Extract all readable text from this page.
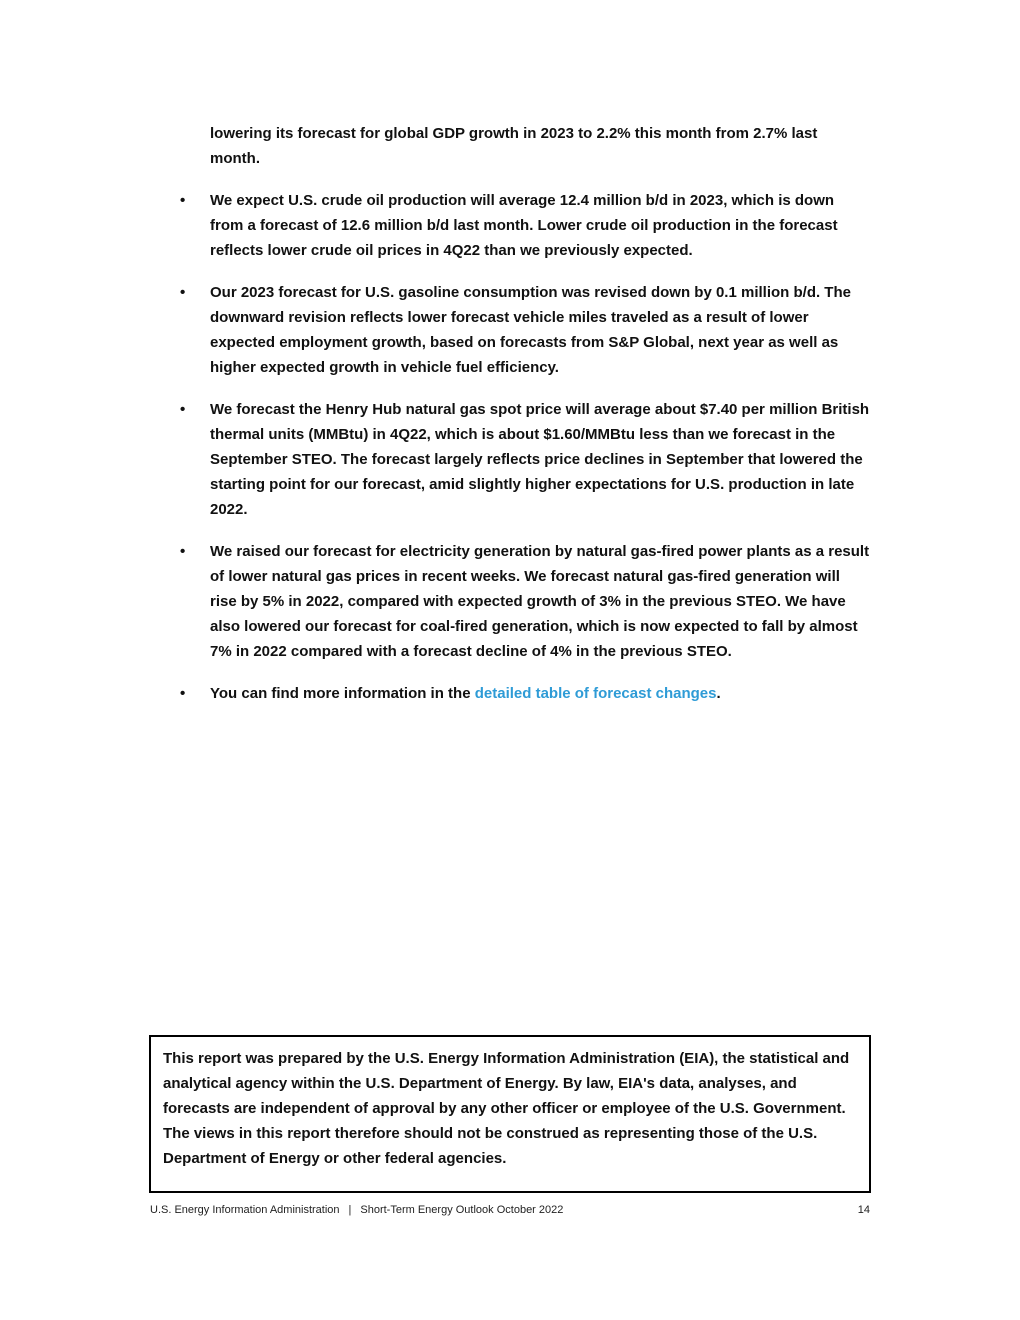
lowering its forecast for global GDP growth in 2023 to 2.2% this month from 2.7% last month.

•	We expect U.S. crude oil production will average 12.4 million b/d in 2023, which is down from a forecast of 12.6 million b/d last month. Lower crude oil production in the forecast reflects lower crude oil prices in 4Q22 than we previously expected.
•	Our 2023 forecast for U.S. gasoline consumption was revised down by 0.1 million b/d. The downward revision reflects lower forecast vehicle miles traveled as a result of lower expected employment growth, based on forecasts from S&P Global, next year as well as higher expected growth in vehicle fuel efficiency.
•	We forecast the Henry Hub natural gas spot price will average about $7.40 per million British thermal units (MMBtu) in 4Q22, which is about $1.60/MMBtu less than we forecast in the September STEO. The forecast largely reflects price declines in September that lowered the starting point for our forecast, amid slightly higher expectations for U.S. production in late 2022.
•	We raised our forecast for electricity generation by natural gas-fired power plants as a result of lower natural gas prices in recent weeks. We forecast natural gas-fired generation will rise by 5% in 2022, compared with expected growth of 3% in the previous STEO. We have also lowered our forecast for coal-fired generation, which is now expected to fall by almost 7% in 2022 compared with a forecast decline of 4% in the previous STEO.
•	You can find more information in the detailed table of forecast changes.
This report was prepared by the U.S. Energy Information Administration (EIA), the statistical and analytical agency within the U.S. Department of Energy. By law, EIA's data, analyses, and forecasts are independent of approval by any other officer or employee of the U.S. Government. The views in this report therefore should not be construed as representing those of the U.S. Department of Energy or other federal agencies.
U.S. Energy Information Administration | Short-Term Energy Outlook October 2022	14
